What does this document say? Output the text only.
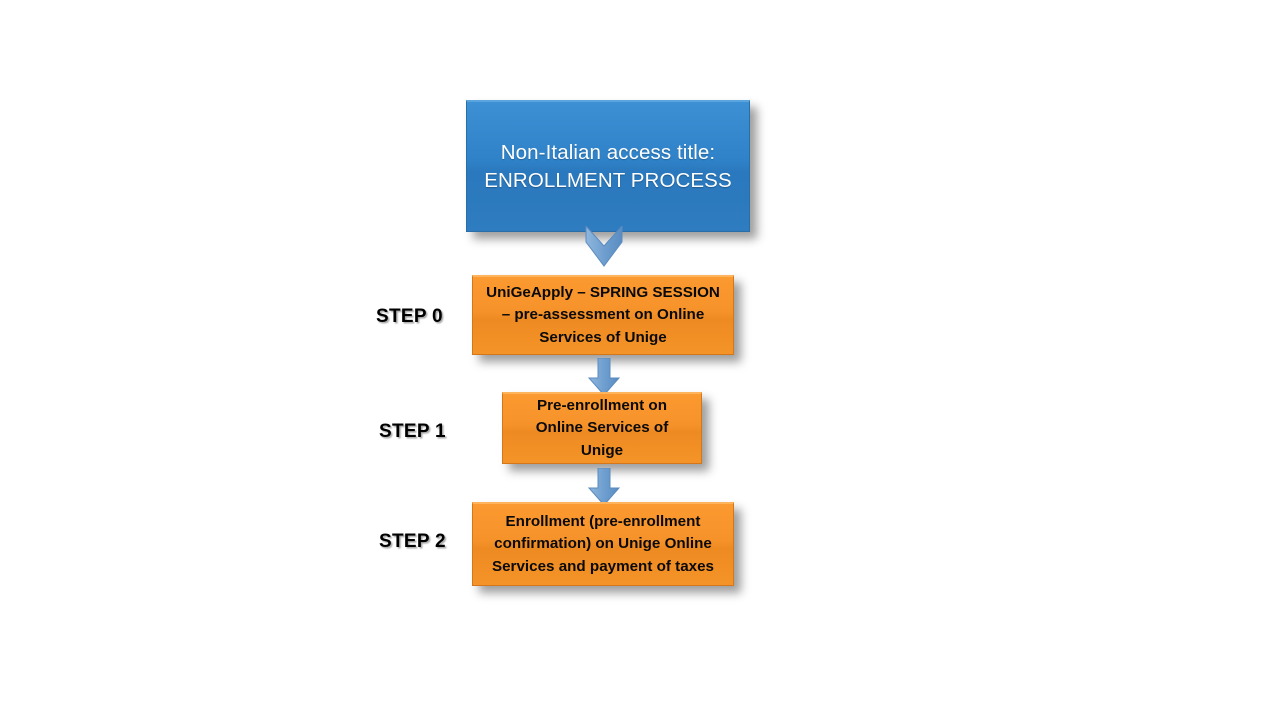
Non-Italian access title:
ENROLLMENT PROCESS
UniGeApply – SPRING SESSION – pre-assessment on Online Services of Unige
STEP 0
Pre-enrollment on Online Services of Unige
STEP 1
Enrollment (pre-enrollment confirmation) on Unige Online Services and payment of taxes
STEP 2
